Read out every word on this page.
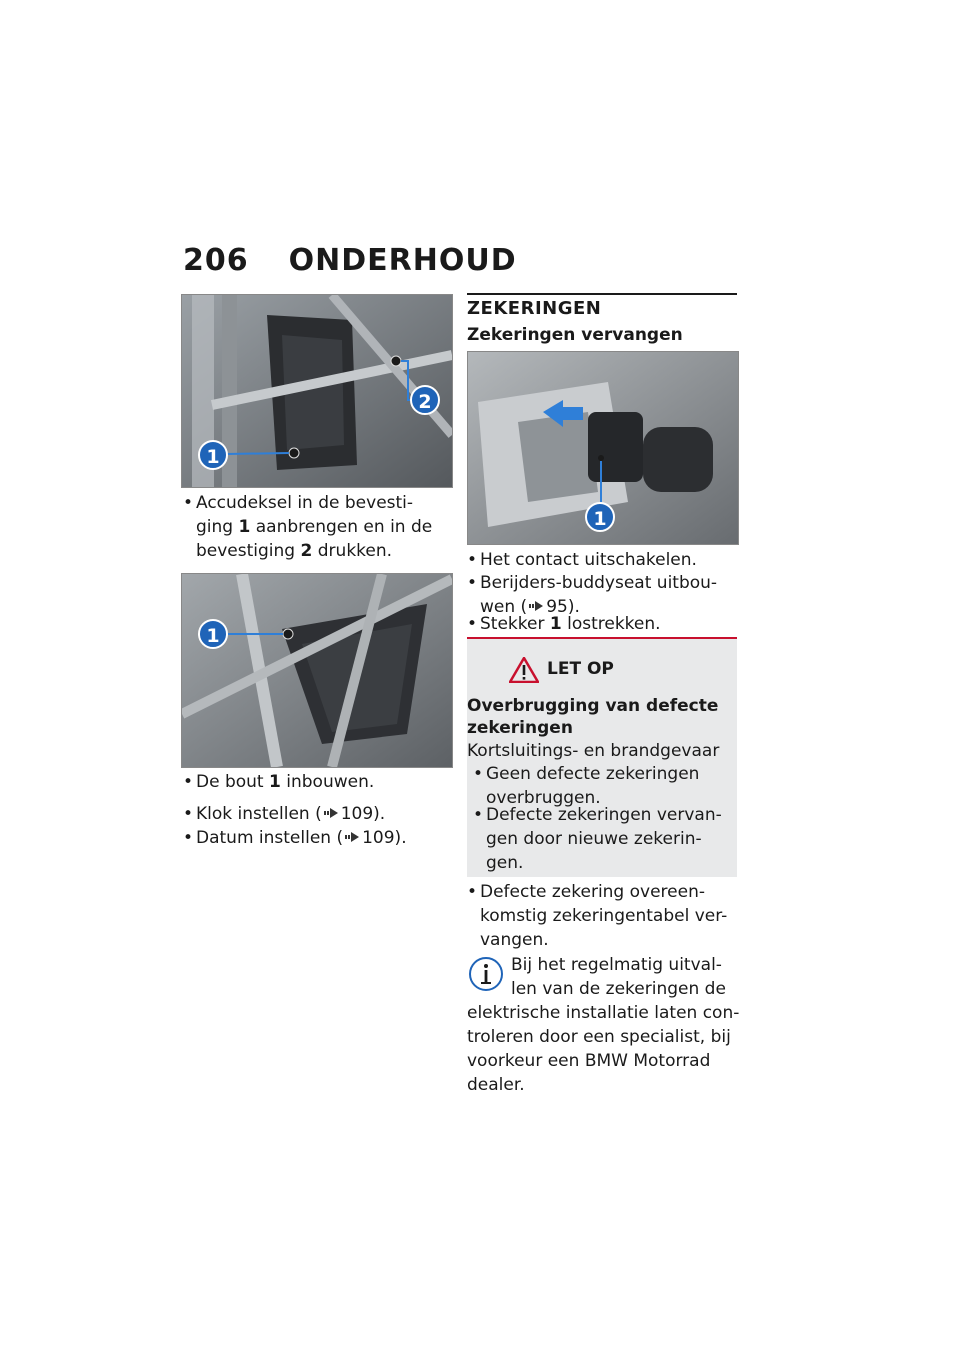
206 ONDERHOUD
1
2
• Accudeksel in de bevesti-
ging 1 aanbrengen en in de
bevestiging 2 drukken.
1
• De bout 1 inbouwen.
• Klok instellen ( 109).
• Datum instellen ( 109).
ZEKERINGEN
Zekeringen vervangen
1
• Het contact uitschakelen.
• Berijders-buddyseat uitbou-
wen ( 95).
• Stekker 1 lostrekken.
LET OP
Overbrugging van defecte
zekeringen
Kortsluitings- en brandgevaar
• Geen defecte zekeringen
overbruggen.
• Defecte zekeringen vervan-
gen door nieuwe zekerin-
gen.
• Defecte zekering overeen-
komstig zekeringentabel ver-
vangen.
Bij het regelmatig uitval-
len van de zekeringen de
elektrische installatie laten con-
troleren door een specialist, bij
voorkeur een BMW Motorrad
dealer.
